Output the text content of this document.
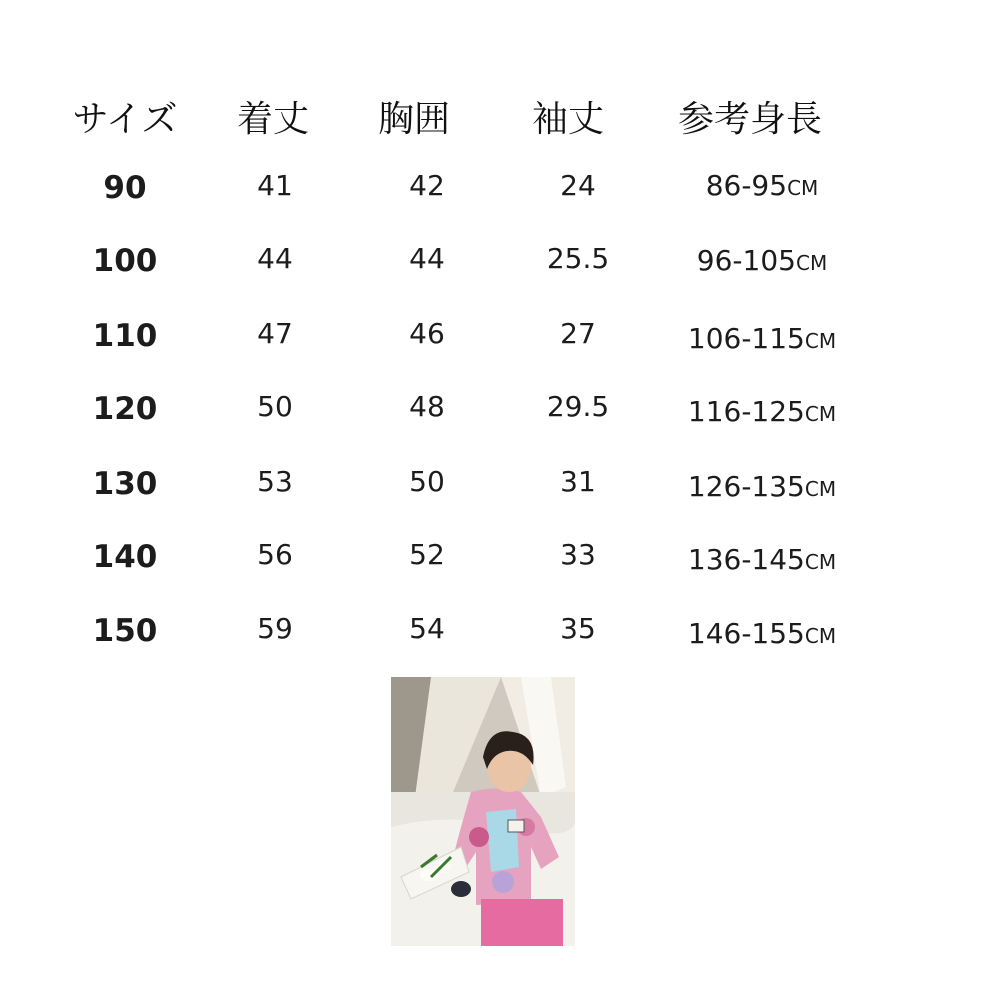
サイズ 着丈 胸囲 袖丈 参考身長
90	41	42	24	86-95CM
100	44	44	25.5	96-105CM
110	47	46	27	106-115CM
120	50	48	29.5	116-125CM
130	53	50	31	126-135CM
140	56	52	33	136-145CM
150	59	54	35	146-155CM
